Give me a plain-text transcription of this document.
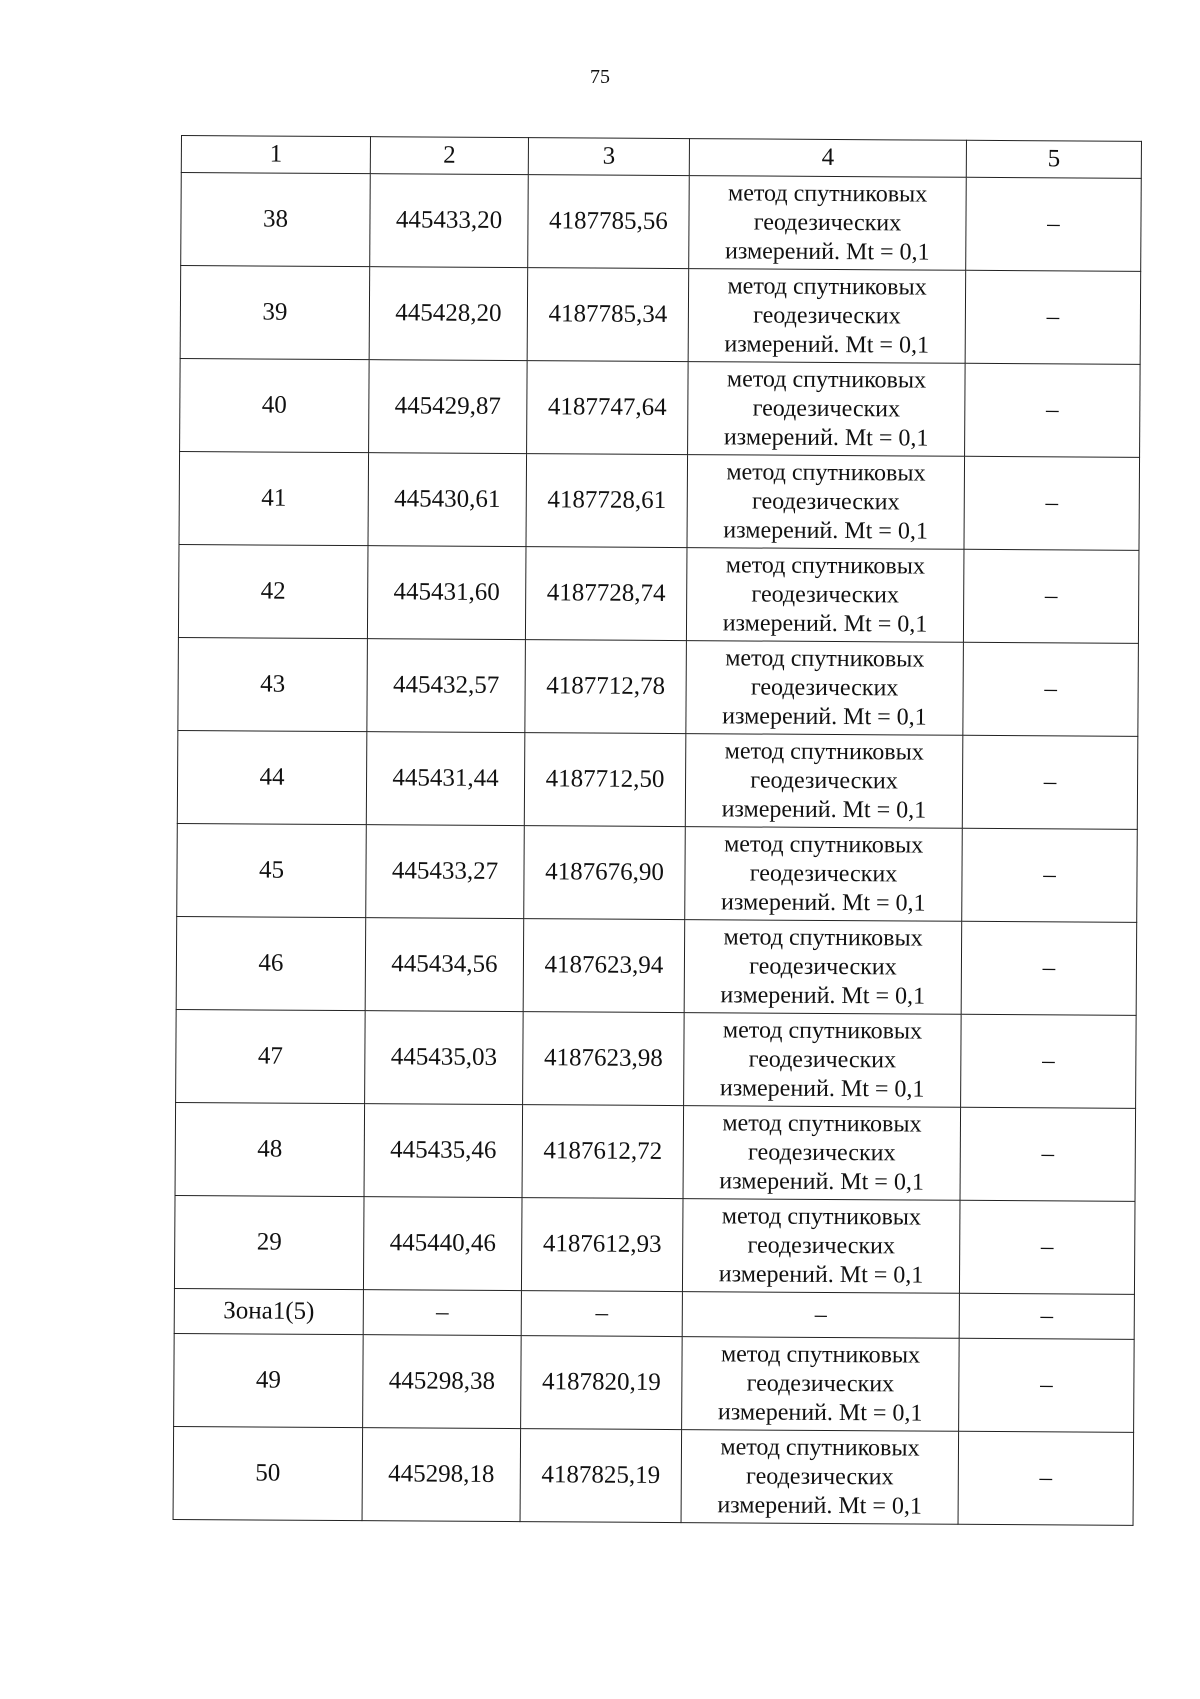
75
1	2	3	4	5
38	445433,20	4187785,56	метод спутниковых
геодезических
измерений. Mt = 0,1	–
39	445428,20	4187785,34	метод спутниковых
геодезических
измерений. Mt = 0,1	–
40	445429,87	4187747,64	метод спутниковых
геодезических
измерений. Mt = 0,1	–
41	445430,61	4187728,61	метод спутниковых
геодезических
измерений. Mt = 0,1	–
42	445431,60	4187728,74	метод спутниковых
геодезических
измерений. Mt = 0,1	–
43	445432,57	4187712,78	метод спутниковых
геодезических
измерений. Mt = 0,1	–
44	445431,44	4187712,50	метод спутниковых
геодезических
измерений. Mt = 0,1	–
45	445433,27	4187676,90	метод спутниковых
геодезических
измерений. Mt = 0,1	–
46	445434,56	4187623,94	метод спутниковых
геодезических
измерений. Mt = 0,1	–
47	445435,03	4187623,98	метод спутниковых
геодезических
измерений. Mt = 0,1	–
48	445435,46	4187612,72	метод спутниковых
геодезических
измерений. Mt = 0,1	–
29	445440,46	4187612,93	метод спутниковых
геодезических
измерений. Mt = 0,1	–
Зона1(5)	–	–	–	–
49	445298,38	4187820,19	метод спутниковых
геодезических
измерений. Mt = 0,1	–
50	445298,18	4187825,19	метод спутниковых
геодезических
измерений. Mt = 0,1	–
